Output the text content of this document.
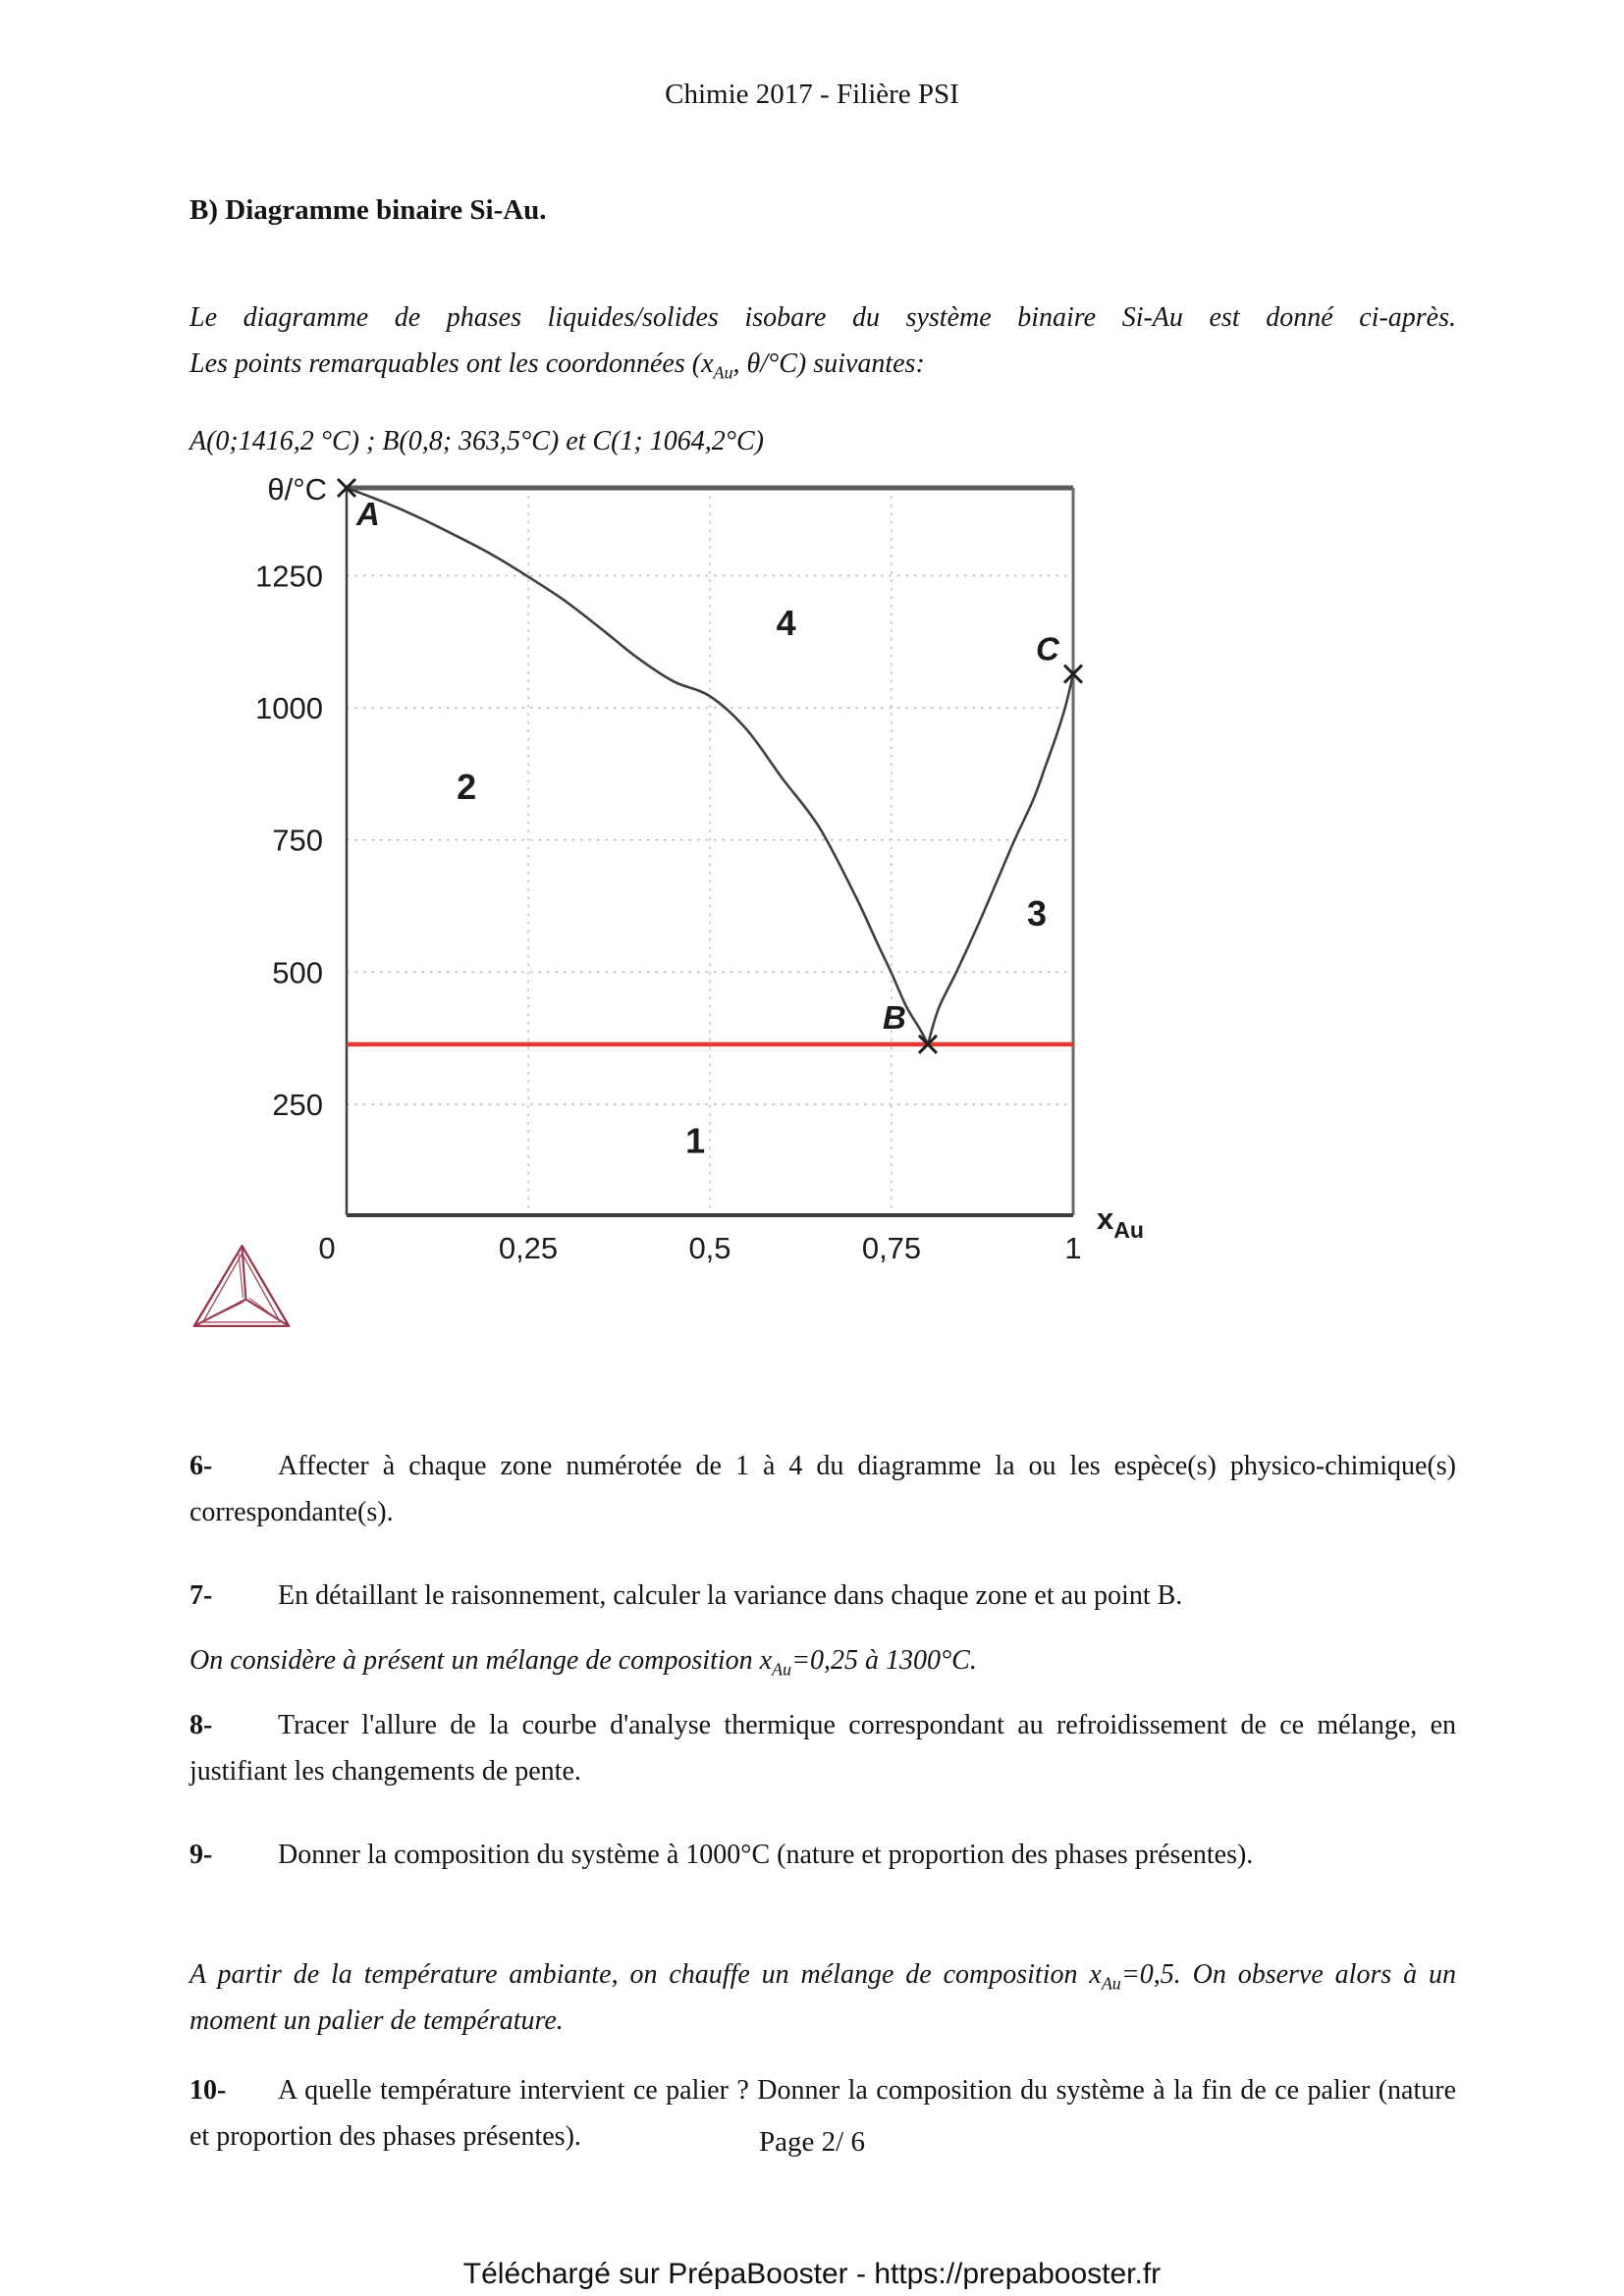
Chimie 2017 - Filière PSI
B) Diagramme binaire Si-Au.

Le diagramme de phases liquides/solides isobare du système binaire Si-Au est donné ci-après.
Les points remarquables ont les coordonnées ($x_{Au}$, θ/°C) suivantes:

A(0;1416,2 °C) ; B(0,8; 363,5°C) et C(1; 1064,2°C)

A
B
C
1
2
3
4
250
500
750
1000
1250
0	0,25	0,5	0,75	1
θ/°C
$x_{Au}$

6- Affecter à chaque zone numérotée de 1 à 4 du diagramme la ou les espèce(s) physico-chimique(s) correspondante(s).

7- En détaillant le raisonnement, calculer la variance dans chaque zone et au point B.

On considère à présent un mélange de composition $x_{Au}=0,25$ à 1300°C.

8- Tracer l'allure de la courbe d'analyse thermique correspondant au refroidissement de ce mélange, en justifiant les changements de pente.

9- Donner la composition du système à 1000°C (nature et proportion des phases présentes).

A partir de la température ambiante, on chauffe un mélange de composition $x_{Au}=0,5$. On observe alors à un moment un palier de température.

10- A quelle température intervient ce palier ? Donner la composition du système à la fin de ce palier (nature et proportion des phases présentes).	Page 2/ 6
Téléchargé sur PrépaBooster - https://prepabooster.fr
